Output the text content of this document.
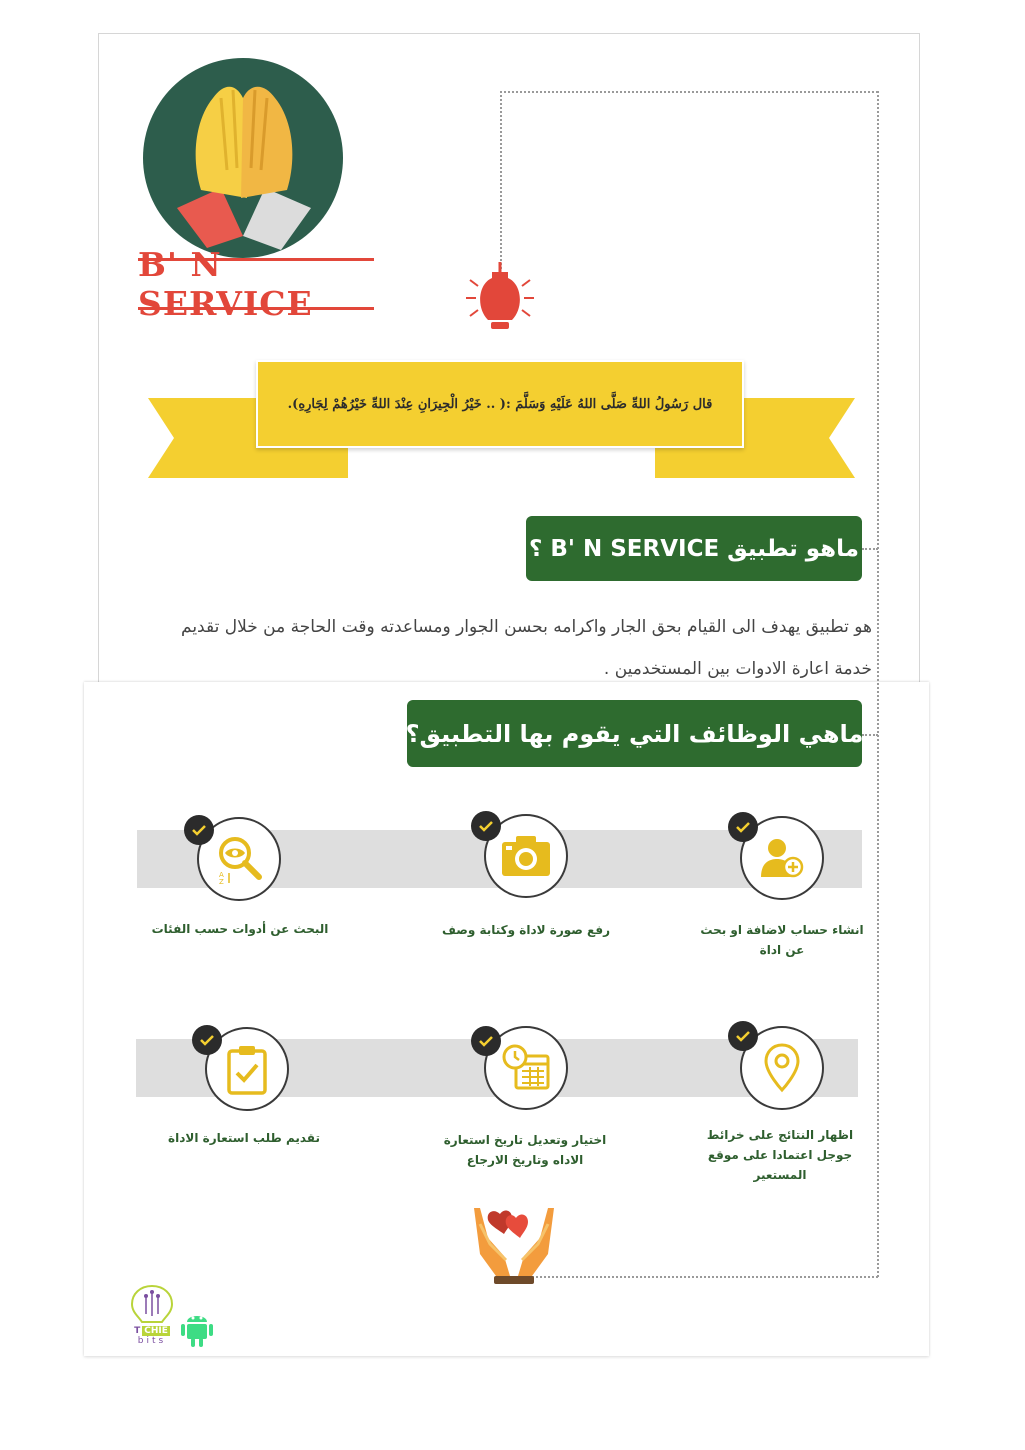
B' N SERVICE
قال رَسُولُ اللهِّ صَلَّى اللهُ عَلَيْهِ وَسَلَّمَ :( .. خَيْرُ الْجِيرَانِ عِنْدَ اللهِّ خَيْرُهُمْ لِجَارِهِ).
ماهو تطبيق B' N SERVICE ؟
هو تطبيق يهدف الى القيام بحق الجار واكرامه بحسن الجوار ومساعدته وقت الحاجة من خلال تقديم
خدمة اعارة الادوات بين المستخدمين .
ماهي الوظائف التي يقوم بها التطبيق؟
انشاء حساب لاضافة او بحث عن اداة
رفع صورة لاداة وكتابة وصف
A
Z
البحث عن أدوات حسب الفئات
اظهار النتائج على خرائط جوجل اعتمادا على موقع المستعير
اختيار وتعديل تاريخ استعارة الاداه وتاريخ الارجاع
تقديم طلب استعارة الاداة
T CHIE
bits
